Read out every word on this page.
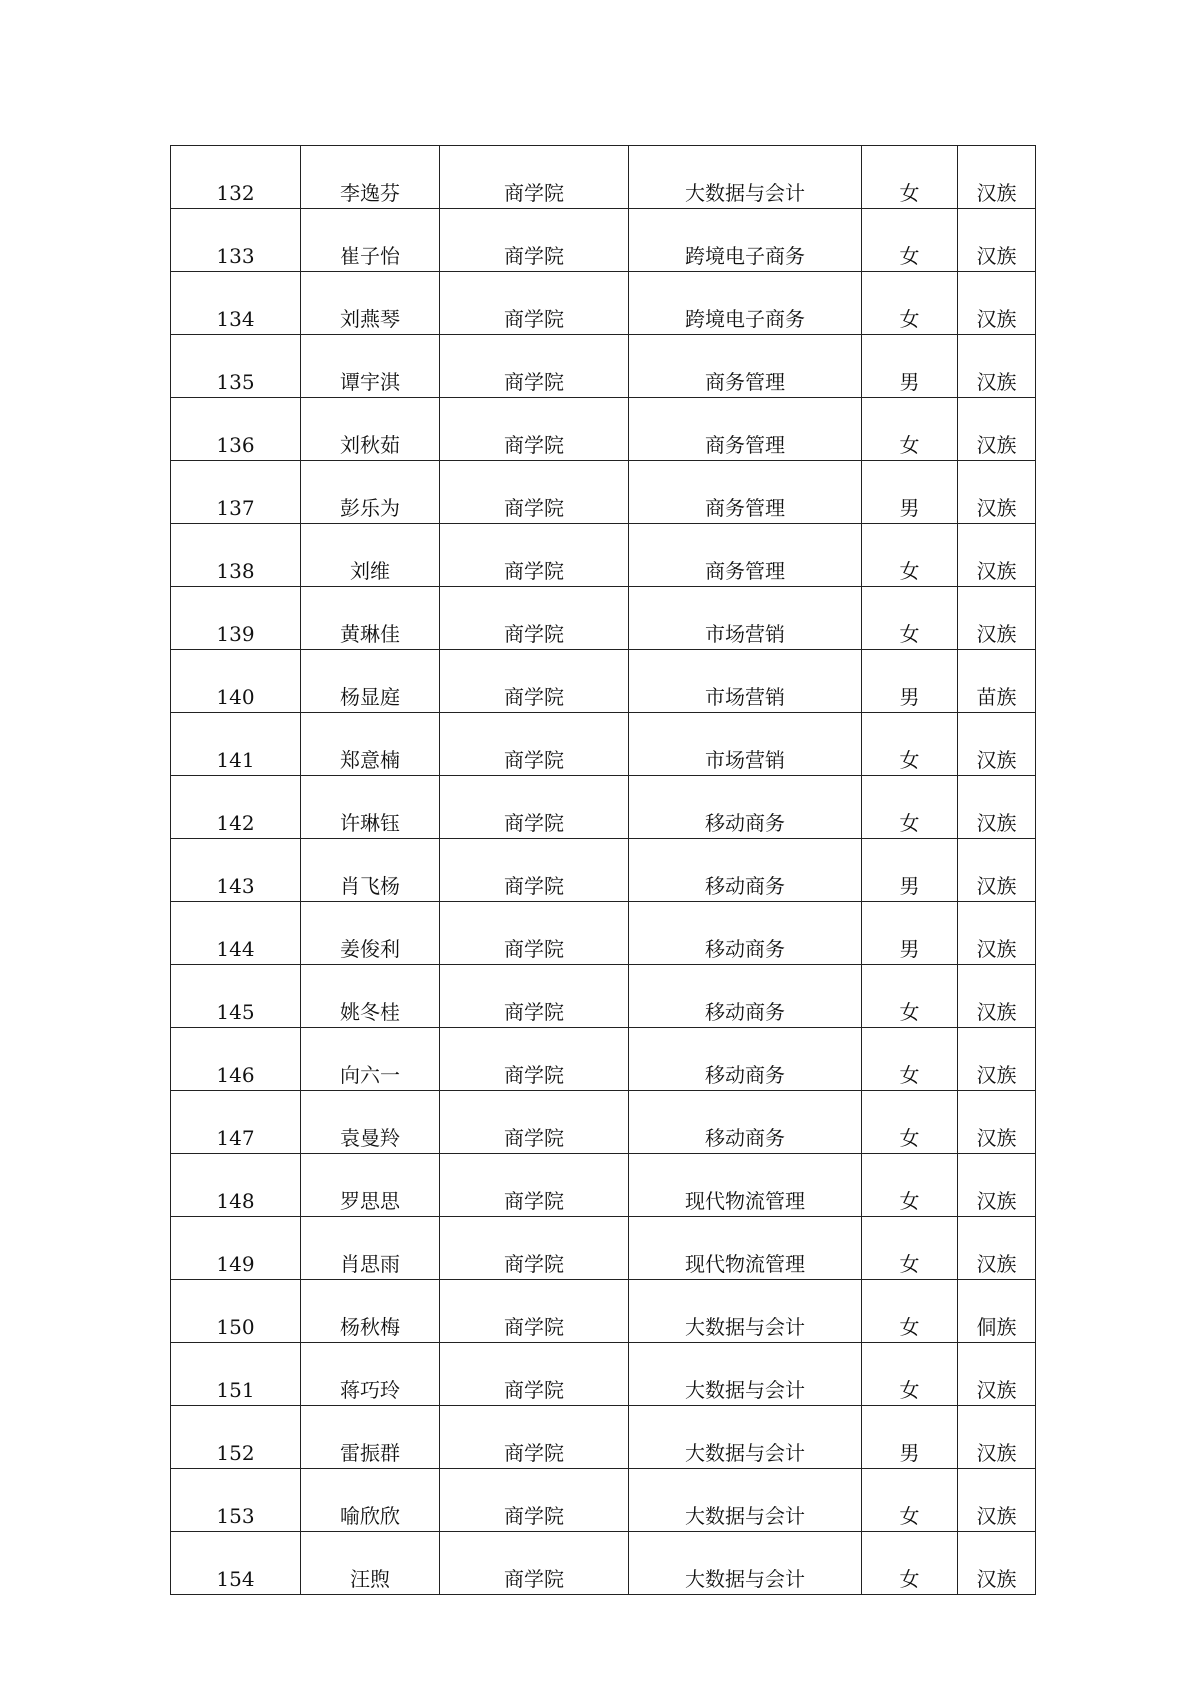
132	李逸芬	商学院	大数据与会计	女	汉族
133	崔子怡	商学院	跨境电子商务	女	汉族
134	刘燕琴	商学院	跨境电子商务	女	汉族
135	谭宇淇	商学院	商务管理	男	汉族
136	刘秋茹	商学院	商务管理	女	汉族
137	彭乐为	商学院	商务管理	男	汉族
138	刘维	商学院	商务管理	女	汉族
139	黄琳佳	商学院	市场营销	女	汉族
140	杨显庭	商学院	市场营销	男	苗族
141	郑意楠	商学院	市场营销	女	汉族
142	许琳钰	商学院	移动商务	女	汉族
143	肖飞杨	商学院	移动商务	男	汉族
144	姜俊利	商学院	移动商务	男	汉族
145	姚冬桂	商学院	移动商务	女	汉族
146	向六一	商学院	移动商务	女	汉族
147	袁曼羚	商学院	移动商务	女	汉族
148	罗思思	商学院	现代物流管理	女	汉族
149	肖思雨	商学院	现代物流管理	女	汉族
150	杨秋梅	商学院	大数据与会计	女	侗族
151	蒋巧玲	商学院	大数据与会计	女	汉族
152	雷振群	商学院	大数据与会计	男	汉族
153	喻欣欣	商学院	大数据与会计	女	汉族
154	汪煦	商学院	大数据与会计	女	汉族
